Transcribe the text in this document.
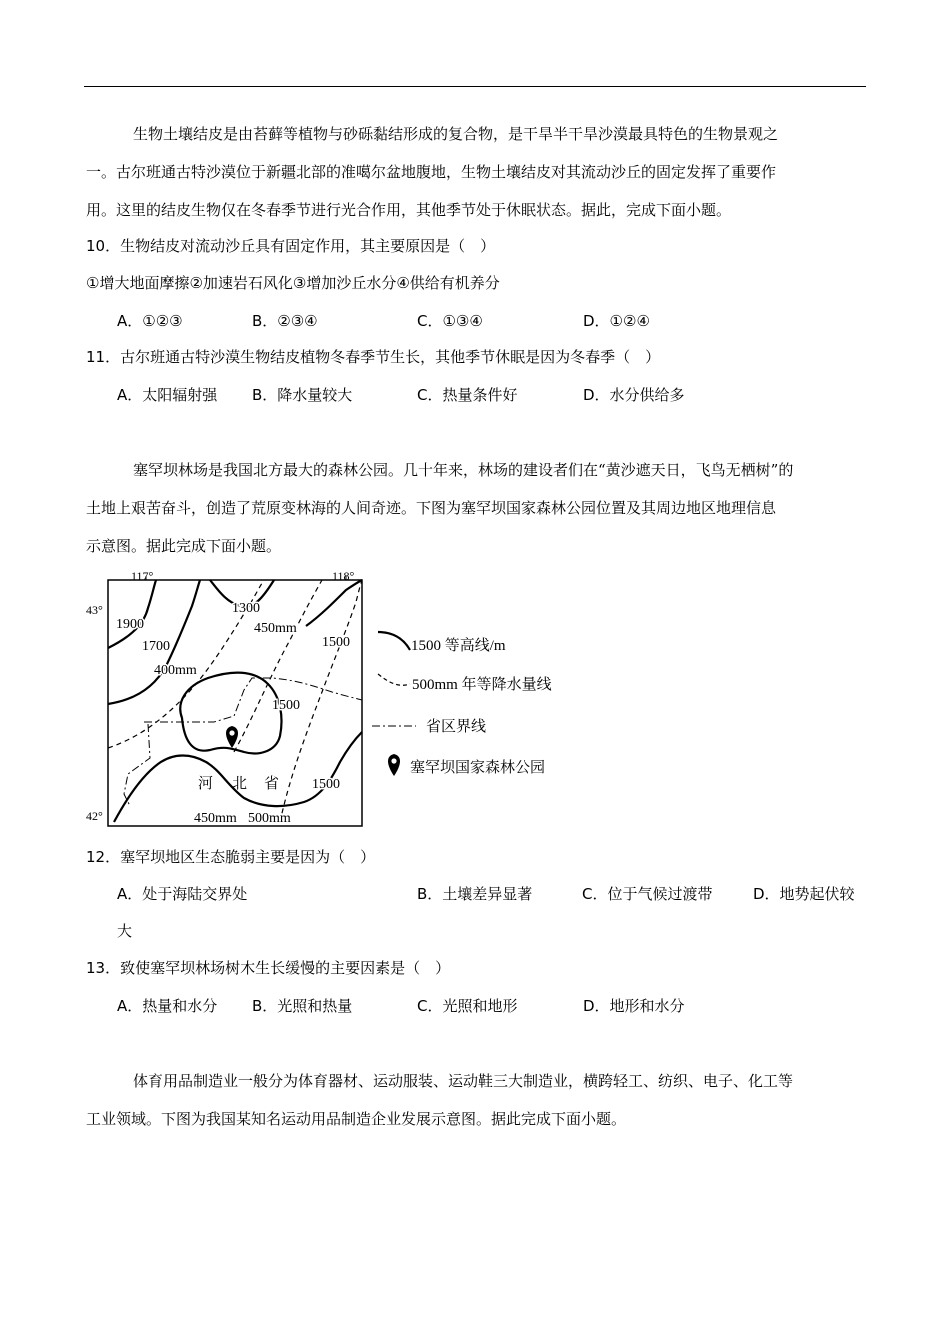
生物土壤结皮是由苔藓等植物与砂砾黏结形成的复合物，是干旱半干旱沙漠最具特色的生物景观之
一。古尔班通古特沙漠位于新疆北部的准噶尔盆地腹地，生物土壤结皮对其流动沙丘的固定发挥了重要作
用。这里的结皮生物仅在冬春季节进行光合作用，其他季节处于休眠状态。据此，完成下面小题。
10．生物结皮对流动沙丘具有固定作用，其主要原因是（　）
①增大地面摩擦②加速岩石风化③增加沙丘水分④供给有机养分
A．①②③	B．②③④	C．①③④	D．①②④
11．古尔班通古特沙漠生物结皮植物冬春季节生长，其他季节休眠是因为冬春季（　）
A．太阳辐射强 B．降水量较大	C．热量条件好	D．水分供给多
塞罕坝林场是我国北方最大的森林公园。几十年来，林场的建设者们在“黄沙遮天日，飞鸟无栖树”的
土地上艰苦奋斗，创造了荒原变林海的人间奇迹。下图为塞罕坝国家森林公园位置及其周边地区地理信息
示意图。据此完成下面小题。
117°	118°
43°
42°
1900
1700
1300
1500
1500
1500
450mm
400mm
450mm 500mm
河 北 省
1500 等高线/m
500mm 年等降水量线
省区界线
塞罕坝国家森林公园
12．塞罕坝地区生态脆弱主要是因为（　）
A．处于海陆交界处	B．土壤差异显著	C．位于气候过渡带	D．地势起伏较
大
13．致使塞罕坝林场树木生长缓慢的主要因素是（　）
A．热量和水分 B．光照和热量	C．光照和地形	D．地形和水分
体育用品制造业一般分为体育器材、运动服装、运动鞋三大制造业，横跨轻工、纺织、电子、化工等
工业领域。下图为我国某知名运动用品制造企业发展示意图。据此完成下面小题。
